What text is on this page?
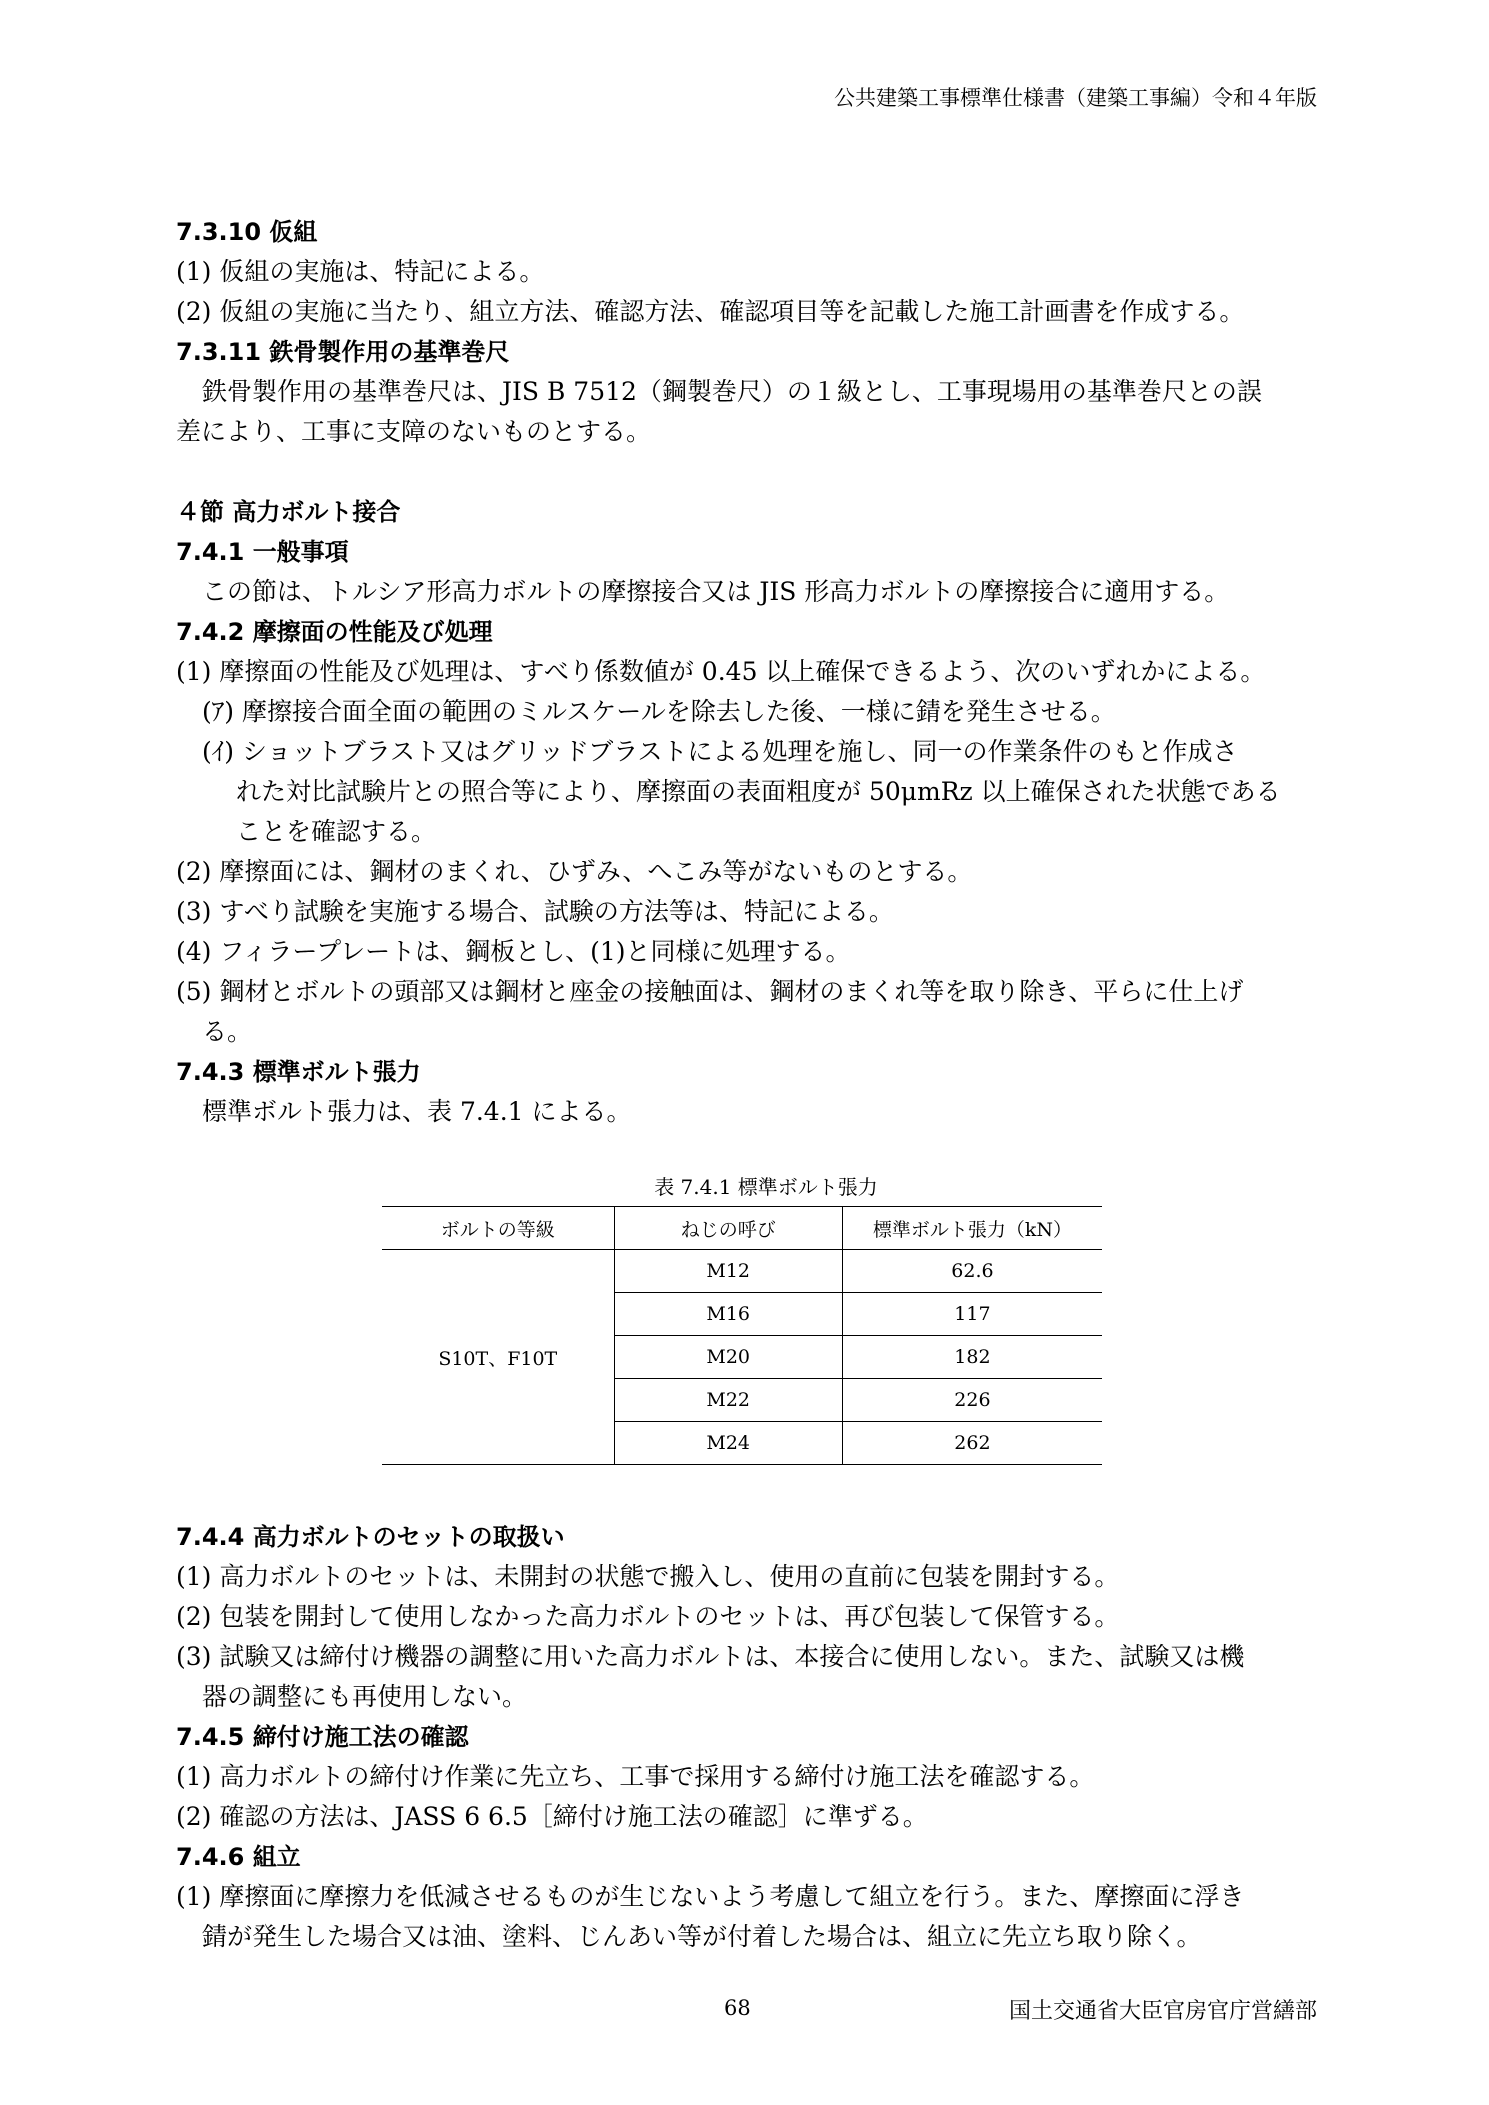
公共建築工事標準仕様書（建築工事編）令和４年版
7.3.10 仮組
(1) 仮組の実施は、特記による。
(2) 仮組の実施に当たり、組立方法、確認方法、確認項目等を記載した施工計画書を作成する。
7.3.11 鉄骨製作用の基準巻尺
鉄骨製作用の基準巻尺は、JIS B 7512（鋼製巻尺）の１級とし、工事現場用の基準巻尺との誤
差により、工事に支障のないものとする。
４節 高力ボルト接合
7.4.1 一般事項
この節は、トルシア形高力ボルトの摩擦接合又は JIS 形高力ボルトの摩擦接合に適用する。
7.4.2 摩擦面の性能及び処理
(1) 摩擦面の性能及び処理は、すべり係数値が 0.45 以上確保できるよう、次のいずれかによる。
(ｱ) 摩擦接合面全面の範囲のミルスケールを除去した後、一様に錆を発生させる。
(ｲ) ショットブラスト又はグリッドブラストによる処理を施し、同一の作業条件のもと作成さ
れた対比試験片との照合等により、摩擦面の表面粗度が 50μmRz 以上確保された状態である
ことを確認する。
(2) 摩擦面には、鋼材のまくれ、ひずみ、へこみ等がないものとする。
(3) すべり試験を実施する場合、試験の方法等は、特記による。
(4) フィラープレートは、鋼板とし、(1)と同様に処理する。
(5) 鋼材とボルトの頭部又は鋼材と座金の接触面は、鋼材のまくれ等を取り除き、平らに仕上げ
る。
7.4.3 標準ボルト張力
標準ボルト張力は、表 7.4.1 による。
表 7.4.1 標準ボルト張力
ボルトの等級	ねじの呼び	標準ボルト張力（kN）
S10T、F10T	M12	62.6
	M16	117
	M20	182
	M22	226
	M24	262
7.4.4 高力ボルトのセットの取扱い
(1) 高力ボルトのセットは、未開封の状態で搬入し、使用の直前に包装を開封する。
(2) 包装を開封して使用しなかった高力ボルトのセットは、再び包装して保管する。
(3) 試験又は締付け機器の調整に用いた高力ボルトは、本接合に使用しない。また、試験又は機
器の調整にも再使用しない。
7.4.5 締付け施工法の確認
(1) 高力ボルトの締付け作業に先立ち、工事で採用する締付け施工法を確認する。
(2) 確認の方法は、JASS 6 6.5［締付け施工法の確認］に準ずる。
7.4.6 組立
(1) 摩擦面に摩擦力を低減させるものが生じないよう考慮して組立を行う。また、摩擦面に浮き
錆が発生した場合又は油、塗料、じんあい等が付着した場合は、組立に先立ち取り除く。
68	国土交通省大臣官房官庁営繕部
